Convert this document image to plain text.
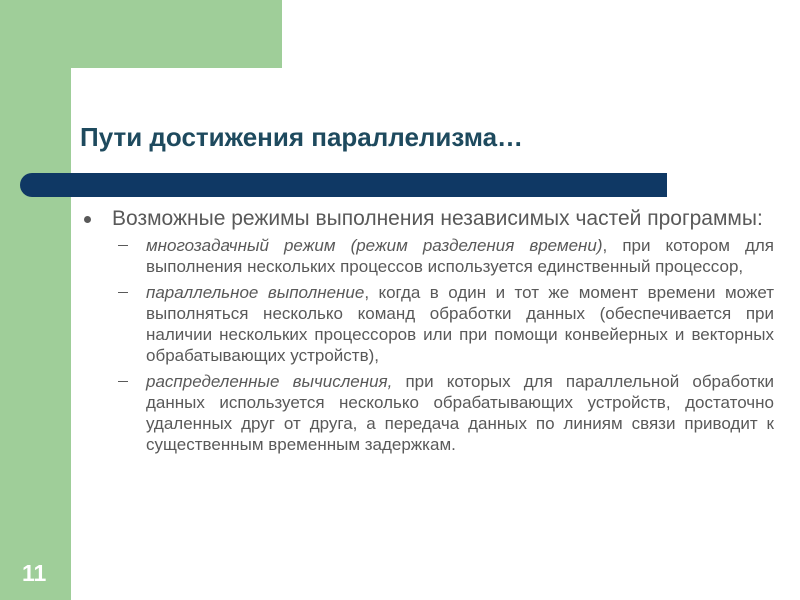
Пути достижения параллелизма…
Возможные режимы выполнения независимых частей программы:
многозадачный режим (режим разделения времени), при котором для выполнения нескольких процессов используется единственный процессор,
параллельное выполнение, когда в один и тот же момент времени может выполняться несколько команд обработки данных (обеспечивается при наличии нескольких процессоров или при помощи конвейерных и векторных обрабатывающих устройств),
распределенные вычисления, при которых для параллельной обработки данных используется несколько обрабатывающих устройств, достаточно удаленных друг от друга, а передача данных по линиям связи приводит к существенным временным задержкам.
11
